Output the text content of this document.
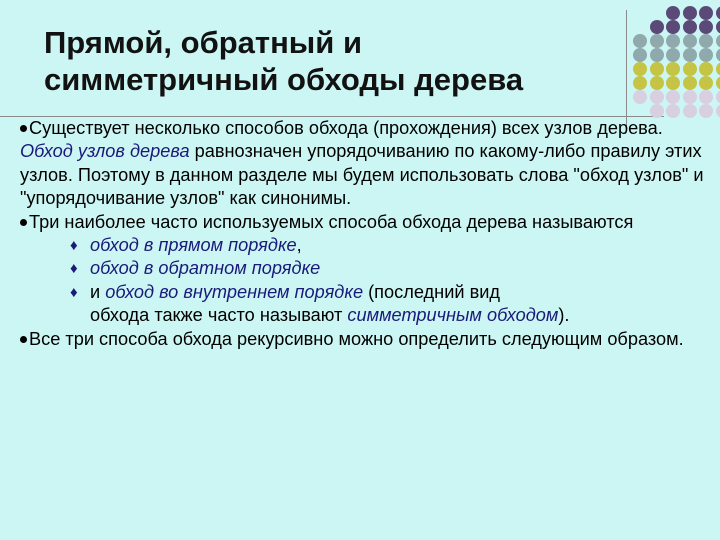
Прямой, обратный и симметричный обходы дерева

Существует несколько способов обхода (прохождения) всех узлов дерева. Обход узлов дерева равнозначен упорядочиванию по какому-либо правилу этих узлов. Поэтому в данном разделе мы будем использовать слова "обход узлов" и "упорядочивание узлов" как синонимы.

Три наиболее часто используемых способа обхода дерева называются

♦ обход в прямом порядке,

♦ обход в обратном порядке

♦ и обход во внутреннем порядке (последний вид

обхода также часто называют симметричным обходом).

Все три способа обхода рекурсивно можно определить следующим образом.
